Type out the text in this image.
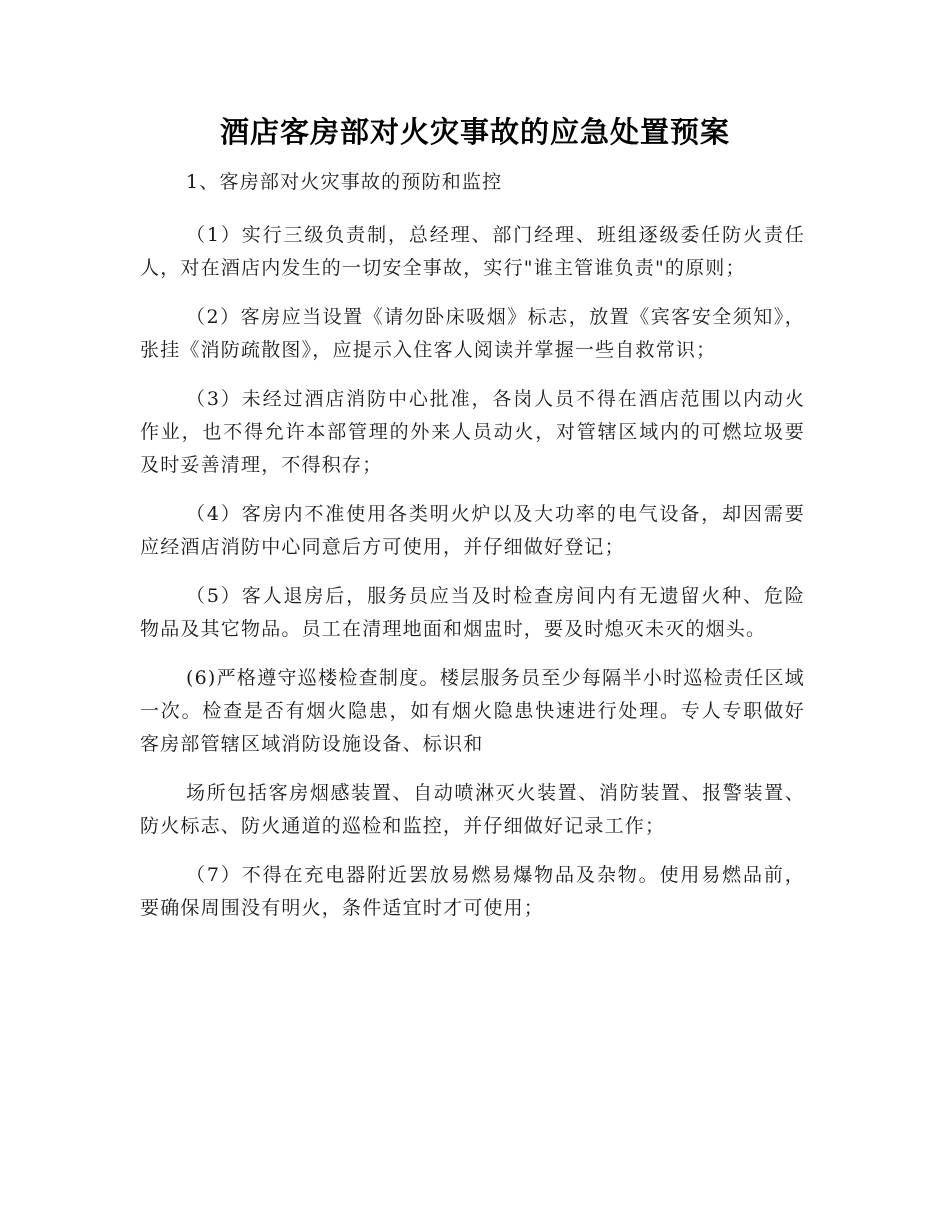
酒店客房部对火灾事故的应急处置预案

1、客房部对火灾事故的预防和监控

（1）实行三级负责制，总经理、部门经理、班组逐级委任防火责任人，对在酒店内发生的一切安全事故，实行"谁主管谁负责"的原则；

（2）客房应当设置《请勿卧床吸烟》标志，放置《宾客安全须知》，张挂《消防疏散图》，应提示入住客人阅读并掌握一些自救常识；

（3）未经过酒店消防中心批准，各岗人员不得在酒店范围以内动火作业，也不得允许本部管理的外来人员动火，对管辖区域内的可燃垃圾要及时妥善清理，不得积存；

（4）客房内不准使用各类明火炉以及大功率的电气设备，却因需要应经酒店消防中心同意后方可使用，并仔细做好登记；

（5）客人退房后，服务员应当及时检查房间内有无遗留火种、危险物品及其它物品。员工在清理地面和烟盅时，要及时熄灭未灭的烟头。

(6)严格遵守巡楼检查制度。楼层服务员至少每隔半小时巡检责任区域一次。检查是否有烟火隐患，如有烟火隐患快速进行处理。专人专职做好客房部管辖区域消防设施设备、标识和

场所包括客房烟感装置、自动喷淋灭火装置、消防装置、报警装置、防火标志、防火通道的巡检和监控，并仔细做好记录工作；

（7）不得在充电器附近罢放易燃易爆物品及杂物。使用易燃品前，要确保周围没有明火，条件适宜时才可使用；
